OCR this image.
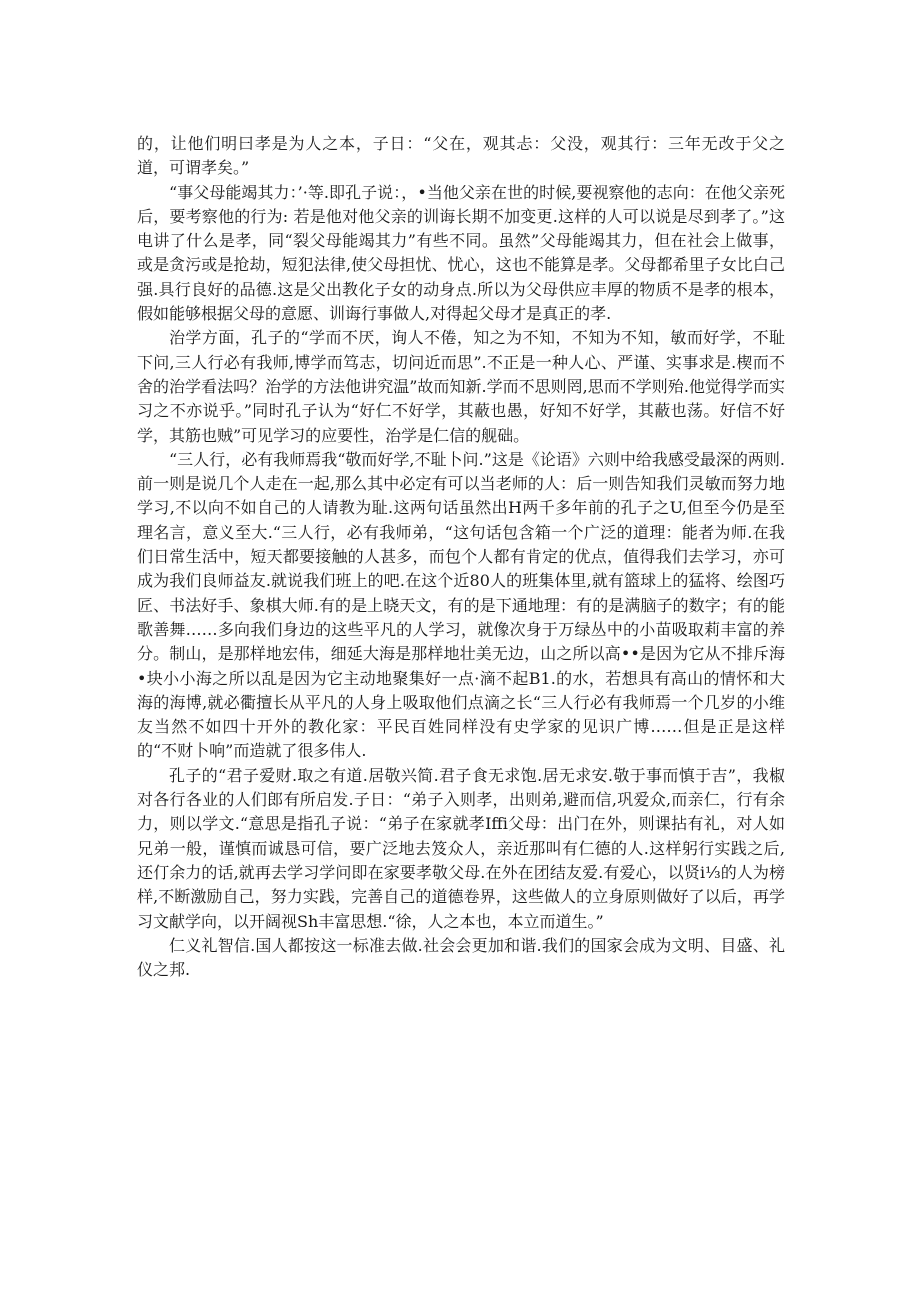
的，让他们明曰孝是为人之本，子日：“父在，观其忐：父没，观其行：三年无改于父之道，可谓孝矣。”

“事父母能竭其力：’·等.即孔子说：，•当他父亲在世的时候,要视察他的志向：在他父亲死后，要考察他的行为: 若是他对他父亲的训诲长期不加变更.这样的人可以说是尽到孝了。”这电讲了什么是孝，同“裂父母能竭其力”有些不同。虽然”父母能竭其力，但在社会上做事，或是贪污或是抢劫，短犯法律,使父母担忧、忧心，这也不能算是孝。父母都希里子女比白己强.具行良好的品德.这是父出教化子女的动身点.所以为父母供应丰厚的物质不是孝的根本，假如能够根据父母的意愿、训诲行事做人,对得起父母才是真正的孝.

治学方面，孔子的“学而不厌，询人不倦，知之为不知，不知为不知，敏而好学，不耻下问,三人行必有我师,博学而笃志，切问近而思”.不正是一种人心、严谨、实事求是.楔而不舍的治学看法吗？治学的方法他讲究温”故而知新.学而不思则罔,思而不学则殆.他觉得学而实习之不亦说乎。”同时孔子认为“好仁不好学，其蔽也愚，好知不好学，其蔽也荡。好信不好学，其筋也贼”可见学习的应要性，治学是仁信的舰础。

“三人行，必有我师焉我“敬而好学,不耻卜问.”这是《论语》六则中给我感受最深的两则.前一则是说几个人走在一起,那么其中必定有可以当老师的人：后一则告知我们灵敏而努力地学习,不以向不如自己的人请教为耻.这两句话虽然出H两千多年前的孔子之U,但至今仍是至理名言，意义至大.“三人行，必有我师弟，“这句话包含箱一个广泛的道理：能者为师.在我们日常生活中，短天都要接触的人甚多，而包个人都有肯定的优点，值得我们去学习，亦可成为我们良师益友.就说我们班上的吧.在这个近80人的班集体里,就有篮球上的猛将、绘图巧匠、书法好手、象棋大师.有的是上晓天文，有的是下通地理：有的是满脑子的数字；有的能歌善舞……多向我们身边的这些平凡的人学习，就像次身于万绿丛中的小苗吸取莉丰富的养分。制山，是那样地宏伟，细延大海是那样地壮美无边，山之所以高••是因为它从不排斥海•块小小海之所以乱是因为它主动地聚集好一点·滴不起B1.的水，若想具有高山的情怀和大海的海博,就必衢擅长从平凡的人身上吸取他们点滴之长“三人行必有我师焉一个几岁的小维友当然不如四十开外的教化家：平民百姓同样没有史学家的见识广博……但是正是这样的“不财卜响”而造就了很多伟人.

孔子的“君子爱财.取之有道.居敬兴简.君子食无求饱.居无求安.敬于事而慎于吉”，我椒对各行各业的人们郎有所启发.子日：“弟子入则孝，出则弟,避而信,巩爱众,而亲仁，行有余力，则以学文.“意思是指孔子说：“弟子在家就孝Iffi父母：出门在外，则课拈有礼，对人如兄弟一般，谨慎而诚恳可信，要广泛地去笈众人，亲近那叫有仁德的人.这样躬行实践之后,还仃余力的话,就再去学习学问即在家要孝敬父母.在外在团结友爱.有爱心，以贤i⅓的人为榜样,不断激励自己，努力实践，完善自己的道德卷界，这些做人的立身原则做好了以后，再学习文献学向，以开阔视Sh丰富思想.“徐，人之本也，本立而道生。”

仁义礼智信.国人都按这一标准去做.社会会更加和谐.我们的国家会成为文明、目盛、礼仪之邦.
